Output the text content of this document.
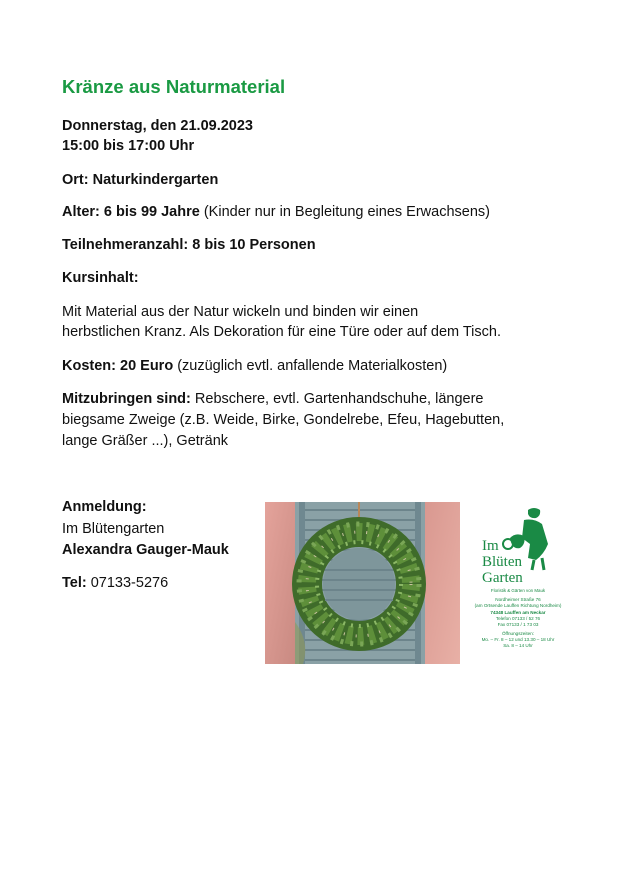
Kränze aus Naturmaterial
Donnerstag, den 21.09.2023
15:00 bis 17:00 Uhr
Ort: Naturkindergarten
Alter: 6 bis 99 Jahre (Kinder nur in Begleitung eines Erwachsens)
Teilnehmeranzahl: 8 bis 10 Personen
Kursinhalt:
Mit Material aus der Natur wickeln und binden wir einen
herbstlichen Kranz. Als Dekoration für eine Türe oder auf dem Tisch.
Kosten: 20 Euro (zuzüglich evtl. anfallende Materialkosten)
Mitzubringen sind: Rebschere, evtl. Gartenhandschuhe, längere
biegsame Zweige (z.B. Weide, Birke, Gondelrebe, Efeu, Hagebutten,
lange Gräßer ...), Getränk
Anmeldung:
Im Blütengarten
Alexandra Gauger-Mauk
Tel: 07133-5276
Im
Blüten
Garten
Floristik & Gärten von Mauk
Nordheimer Straße 76
(am Ortsende Lauffen Richtung Nordheim)
74348 Lauffen am Neckar
Telefon 07133 / 52 76
Fax 07133 / 1 73 03
Öffnungszeiten:
Mo. – Fr. 8 – 12 und 13.30 – 18 Uhr
Sa. 8 – 14 Uhr
